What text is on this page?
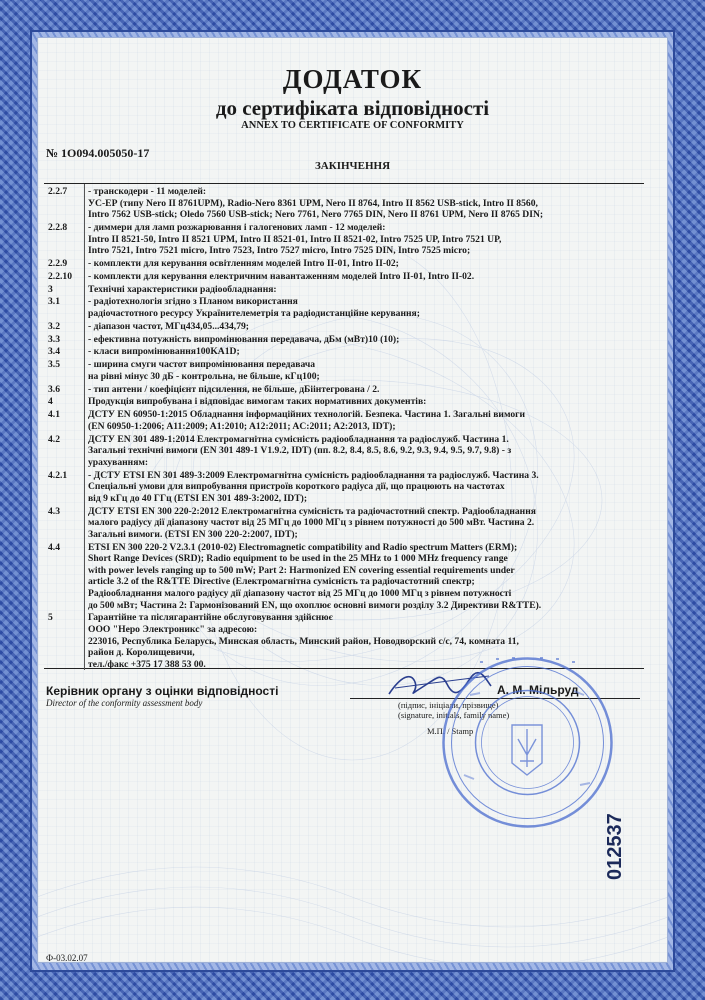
ДОДАТОК
до сертифіката відповідності
ANNEX TO CERTIFICATE OF CONFORMITY
№ 1О094.005050-17
ЗАКІНЧЕННЯ
2.2.7	- транскодери - 11 моделей:
УС-ЕР (типу Nero II 8761UPM), Radio-Nero 8361 UPM, Nero II 8764, Intro II 8562 USB-stick, Intro II 8560,
Intro 7562 USB-stick; Oledo 7560 USB-stick; Nero 7761, Nero 7765 DIN, Nero II 8761 UPM, Nero II 8765 DIN;
2.2.8	- диммери для ламп розжарювання і галогенових ламп - 12 моделей:
Intro II 8521-50, Intro II 8521 UPM, Intro II 8521-01, Intro II 8521-02, Intro 7525 UP, Intro 7521 UP,
Intro 7521, Intro 7521 micro, Intro 7523, Intro 7527 micro, Intro 7525 DIN, Intro 7525 micro;
2.2.9	- комплекти для керування освітленням моделей Intro II-01, Intro II-02;
2.2.10	- комплекти для керування електричним навантаженням моделей Intro II-01, Intro II-02.
3	Технічні характеристики радіообладнання:
3.1	- радіотехнологія згідно з Планом використання
радіочастотного ресурсу Українителеметрія та радіодистанційне керування;
3.2	- діапазон частот, МГц434,05...434,79;
3.3	- ефективна потужність випромінювання передавача, дБм (мВт)10 (10);
3.4	- класи випромінювання100KA1D;
3.5	- ширина смуги частот випромінювання передавача
на рівні мінус 30 дБ - контрольна, не більше, кГц100;
3.6	- тип антени / коефіцієнт підсилення, не більше, дБіінтегрована / 2.
4	Продукція випробувана і відповідає вимогам таких нормативних документів:
4.1	ДСТУ EN 60950-1:2015 Обладнання інформаційних технологій. Безпека. Частина 1. Загальні вимоги
(EN 60950-1:2006; A11:2009; A1:2010; A12:2011; AC:2011; A2:2013, IDT);
4.2	ДСТУ EN 301 489-1:2014 Електромагнітна сумісність радіообладнання та радіослужб. Частина 1.
Загальні технічні вимоги (EN 301 489-1 V1.9.2, IDT) (пп. 8.2, 8.4, 8.5, 8.6, 9.2, 9.3, 9.4, 9.5, 9.7, 9.8) - з
урахуванням:
4.2.1	- ДСТУ ETSI EN 301 489-3:2009 Електромагнітна сумісність радіообладнання та радіослужб. Частина 3.
Спеціальні умови для випробування пристроїв короткого радіуса дії, що працюють на частотах
від 9 кГц до 40 ГГц (ETSI EN 301 489-3:2002, IDT);
4.3	ДСТУ ETSI EN 300 220-2:2012 Електромагнітна сумісність та радіочастотний спектр. Радіообладнання
малого радіусу дії діапазону частот від 25 МГц до 1000 МГц з рівнем потужності до 500 мВт. Частина 2.
Загальні вимоги. (ETSI EN 300 220-2:2007, IDT);
4.4	ETSI EN 300 220-2 V2.3.1 (2010-02) Electromagnetic compatibility and Radio spectrum Matters (ERM);
Short Range Devices (SRD); Radio equipment to be used in the 25 MHz to 1 000 MHz frequency range
with power levels ranging up to 500 mW; Part 2: Harmonized EN covering essential requirements under
article 3.2 of the R&TTE Directive (Електромагнітна сумісність та радіочастотний спектр;
Радіообладнання малого радіусу дії діапазону частот від 25 МГц до 1000 МГц з рівнем потужності
до 500 мВт; Частина 2: Гармонізований EN, що охоплює основні вимоги розділу 3.2 Директиви R&TTE).
5	Гарантійне та післягарантійне обслуговування здійснює
ООО "Неро Электроникс" за адресою:
223016, Республика Беларусь, Минская область, Минский район, Новодворский с/с, 74, комната 11,
район д. Королищевичи,
тел./факс +375 17 388 53 00.
Керівник органу з оцінки відповідності
Director of the conformity assessment body
А. М. Мільруд
(підпис, ініціали, прізвище)
(signature, initials, family name)
М.П. / Stamp
012537
Ф-03.02.07
